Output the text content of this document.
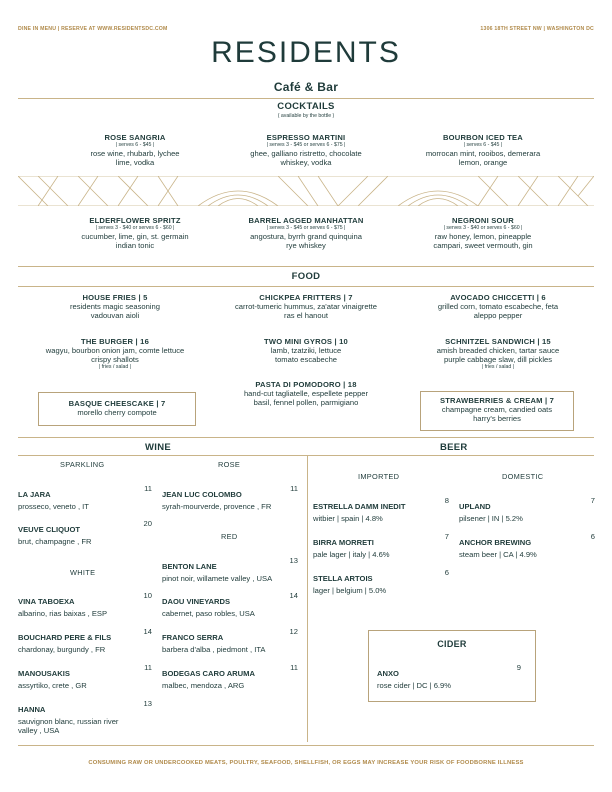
DINE IN MENU | RESERVE AT WWW.RESIDENTSDC.COM	1306 18TH STREET NW | WASHINGTON DC
RESIDENTS
Café & Bar
COCKTAILS
( available by the bottle )
ROSE SANGRIA
| serves 6 - $45 |
rose wine, rhubarb, lychee
lime, vodka
ESPRESSO MARTINI
| serves 3 - $45 or serves 6 - $75 |
ghee, galliano ristretto, chocolate
whiskey, vodka
BOURBON ICED TEA
| serves 6 - $45 |
morrocan mint, rooibos, demerara
lemon, orange
ELDERFLOWER SPRITZ
| serves 3 - $40 or serves 6 - $60 |
cucumber, lime, gin, st. germain
indian tonic
BARREL AGGED MANHATTAN
| serves 3 - $45 or serves 6 - $75 |
angostura, byrrh grand quinquina
rye whiskey
NEGRONI SOUR
| serves 3 - $40 or serves 6 - $60 |
raw honey, lemon, pineapple
campari, sweet vermouth, gin
FOOD
HOUSE FRIES | 5
residents magic seasoning
vadouvan aioli
CHICKPEA FRITTERS | 7
carrot-tumeric hummus, za'atar vinaigrette
ras el hanout
AVOCADO CHICCETTI | 6
grilled corn, tomato escabeche, feta
aleppo pepper
THE BURGER | 16
wagyu, bourbon onion jam, comte lettuce
crispy shallots
| fries / salad |
TWO MINI GYROS | 10
lamb, tzatziki, lettuce
tomato escabeche
SCHNITZEL SANDWICH | 15
amish breaded chicken, tartar sauce
purple cabbage slaw, dill pickles
| fries / salad |
PASTA DI POMODORO | 18
hand-cut tagliatelle, espellete pepper
basil, fennel pollen, parmigiano
BASQUE CHEESCAKE | 7
morello cherry compote
STRAWBERRIES & CREAM | 7
champagne cream, candied oats
harry's berries
WINE	BEER
SPARKLING	ROSE
LA JARA
11
prosseco, veneto , IT
VEUVE CLIQUOT
20
brut, champagne , FR
WHITE
VINA TABOEXA
10
albarino, rias baixas , ESP
BOUCHARD PERE & FILS
14
chardonay, burgundy , FR
MANOUSAKIS
11
assyrtiko, crete , GR
HANNA
13
sauvignon blanc, russian river valley , USA
JEAN LUC COLOMBO
11
syrah-mourverde, provence , FR
RED
BENTON LANE
13
pinot noir, willamete valley , USA
DAOU VINEYARDS
14
cabernet, paso robles, USA
FRANCO SERRA
12
barbera d'alba , piedmont , ITA
BODEGAS CARO ARUMA
11
malbec, mendoza , ARG
IMPORTED	DOMESTIC
ESTRELLA DAMM INEDIT
8
witbier | spain | 4.8%
BIRRA MORRETI
7
pale lager | italy | 4.6%
STELLA ARTOIS
6
lager | belgium | 5.0%
UPLAND
7
pilsener | IN | 5.2%
ANCHOR BREWING
6
steam beer | CA | 4.9%
CIDER
ANXO
9
rose cider | DC | 6.9%
CONSUMING RAW OR UNDERCOOKED MEATS, POULTRY, SEAFOOD, SHELLFISH, OR EGGS MAY INCREASE YOUR RISK OF FOODBORNE ILLNESS
